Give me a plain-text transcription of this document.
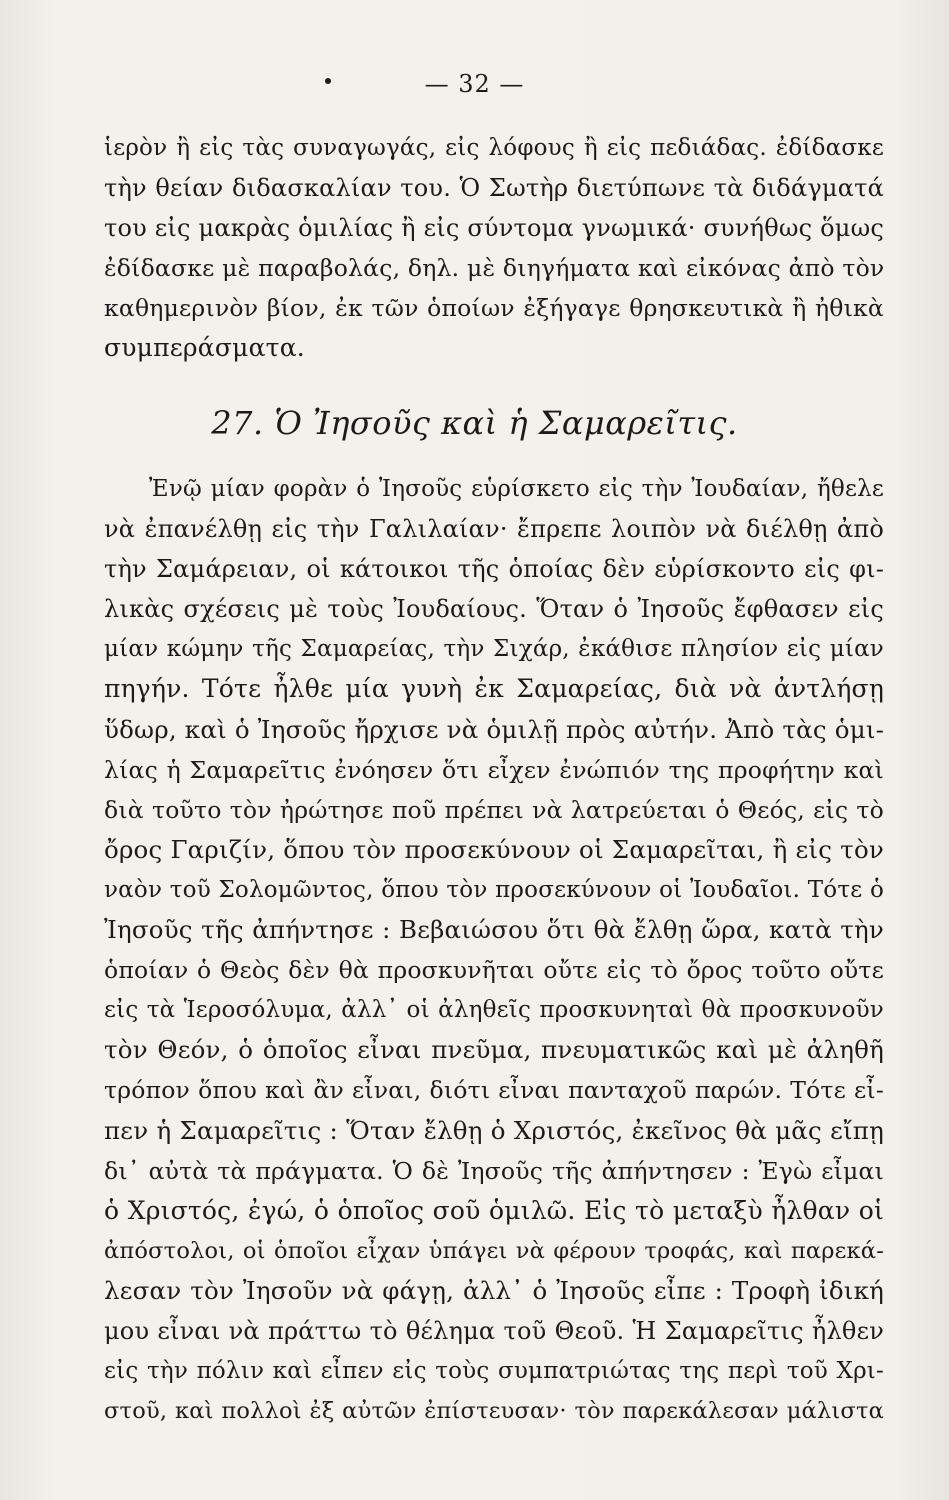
— 32 —

ἱερὸν ἢ εἰς τὰς συναγωγάς, εἰς λόφους ἢ εἰς πεδιάδας. ἐδίδασκε
τὴν θείαν διδασκαλίαν του. Ὁ Σωτὴρ διετύπωνε τὰ διδάγματά
του εἰς μακρὰς ὁμιλίας ἢ εἰς σύντομα γνωμικά· συνήθως ὅμως
ἐδίδασκε μὲ παραβολάς, δηλ. μὲ διηγήματα καὶ εἰκόνας ἀπὸ τὸν
καθημερινὸν βίον, ἐκ τῶν ὁποίων ἐξήγαγε θρησκευτικὰ ἢ ἠθικὰ
συμπεράσματα.

27. Ὁ Ἰησοῦς καὶ ἡ Σαμαρεῖτις.

Ἐνῷ μίαν φορὰν ὁ Ἰησοῦς εὑρίσκετο εἰς τὴν Ἰουδαίαν, ἤθελε
νὰ ἐπανέλθῃ εἰς τὴν Γαλιλαίαν· ἔπρεπε λοιπὸν νὰ διέλθῃ ἀπὸ
τὴν Σαμάρειαν, οἱ κάτοικοι τῆς ὁποίας δὲν εὑρίσκοντο εἰς φι-
λικὰς σχέσεις μὲ τοὺς Ἰουδαίους. Ὅταν ὁ Ἰησοῦς ἔφθασεν εἰς
μίαν κώμην τῆς Σαμαρείας, τὴν Σιχάρ, ἐκάθισε πλησίον εἰς μίαν
πηγήν. Τότε ἦλθε μία γυνὴ ἐκ Σαμαρείας, διὰ νὰ ἀντλήσῃ
ὕδωρ, καὶ ὁ Ἰησοῦς ἤρχισε νὰ ὁμιλῇ πρὸς αὐτήν. Ἀπὸ τὰς ὁμι-
λίας ἡ Σαμαρεῖτις ἐνόησεν ὅτι εἶχεν ἐνώπιόν της προφήτην καὶ
διὰ τοῦτο τὸν ἠρώτησε ποῦ πρέπει νὰ λατρεύεται ὁ Θεός, εἰς τὸ
ὄρος Γαριζίν, ὅπου τὸν προσεκύνουν οἱ Σαμαρεῖται, ἢ εἰς τὸν
ναὸν τοῦ Σολομῶντος, ὅπου τὸν προσεκύνουν οἱ Ἰουδαῖοι. Τότε ὁ
Ἰησοῦς τῆς ἀπήντησε : Βεβαιώσου ὅτι θὰ ἔλθῃ ὥρα, κατὰ τὴν
ὁποίαν ὁ Θεὸς δὲν θὰ προσκυνῆται οὔτε εἰς τὸ ὄρος τοῦτο οὔτε
εἰς τὰ Ἱεροσόλυμα, ἀλλ᾽ οἱ ἀληθεῖς προσκυνηταὶ θὰ προσκυνοῦν
τὸν Θεόν, ὁ ὁποῖος εἶναι πνεῦμα, πνευματικῶς καὶ μὲ ἀληθῆ
τρόπον ὅπου καὶ ἂν εἶναι, διότι εἶναι πανταχοῦ παρών. Τότε εἶ-
πεν ἡ Σαμαρεῖτις : Ὅταν ἔλθῃ ὁ Χριστός, ἐκεῖνος θὰ μᾶς εἴπῃ
δι᾽ αὐτὰ τὰ πράγματα. Ὁ δὲ Ἰησοῦς τῆς ἀπήντησεν : Ἐγὼ εἶμαι
ὁ Χριστός, ἐγώ, ὁ ὁποῖος σοῦ ὁμιλῶ. Εἰς τὸ μεταξὺ ἦλθαν οἱ
ἀπόστολοι, οἱ ὁποῖοι εἶχαν ὑπάγει νὰ φέρουν τροφάς, καὶ παρεκά-
λεσαν τὸν Ἰησοῦν νὰ φάγῃ, ἀλλ᾽ ὁ Ἰησοῦς εἶπε : Τροφὴ ἰδική
μου εἶναι νὰ πράττω τὸ θέλημα τοῦ Θεοῦ. Ἡ Σαμαρεῖτις ἦλθεν
εἰς τὴν πόλιν καὶ εἶπεν εἰς τοὺς συμπατριώτας της περὶ τοῦ Χρι-
στοῦ, καὶ πολλοὶ ἐξ αὐτῶν ἐπίστευσαν· τὸν παρεκάλεσαν μάλιστα
